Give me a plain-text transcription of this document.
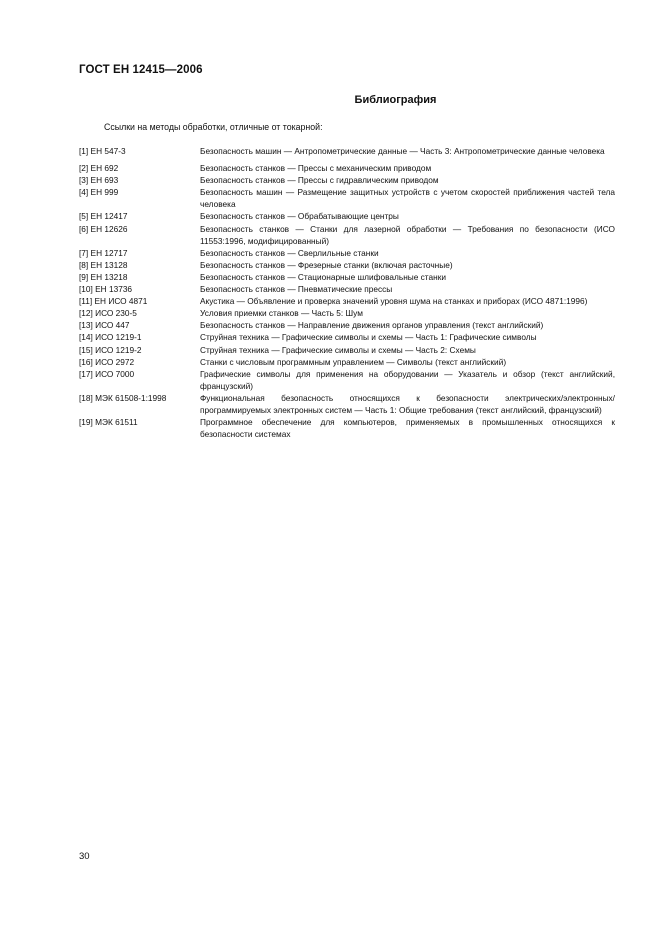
ГОСТ ЕН 12415—2006
Библиография
Ссылки на методы обработки, отличные от токарной:
[1] ЕН 547-3	Безопасность машин — Антропометрические данные — Часть 3: Антропометрические данные человека
[2] ЕН 692	Безопасность станков — Прессы с механическим приводом
[3] ЕН 693	Безопасность станков — Прессы с гидравлическим приводом
[4] ЕН 999	Безопасность машин — Размещение защитных устройств с учетом скоростей приближения частей тела человека
[5] ЕН 12417	Безопасность станков — Обрабатывающие центры
[6] ЕН 12626	Безопасность станков — Станки для лазерной обработки — Требования по безопасности (ИСО 11553:1996, модифицированный)
[7] ЕН 12717	Безопасность станков — Сверлильные станки
[8] ЕН 13128	Безопасность станков — Фрезерные станки (включая расточные)
[9] ЕН 13218	Безопасность станков — Стационарные шлифовальные станки
[10] ЕН 13736	Безопасность станков — Пневматические прессы
[11] ЕН ИСО 4871	Акустика — Объявление и проверка значений уровня шума на станках и приборах (ИСО 4871:1996)
[12] ИСО 230-5	Условия приемки станков — Часть 5: Шум
[13] ИСО 447	Безопасность станков — Направление движения органов управления (текст английский)
[14] ИСО 1219-1	Струйная техника — Графические символы и схемы — Часть 1: Графические символы
[15] ИСО 1219-2	Струйная техника — Графические символы и схемы — Часть 2: Схемы
[16] ИСО 2972	Станки с числовым программным управлением — Символы (текст английский)
[17] ИСО 7000	Графические символы для применения на оборудовании — Указатель и обзор (текст английский, французский)
[18] МЭК 61508-1:1998	Функциональная безопасность относящихся к безопасности электрических/электронных/программируемых электронных систем — Часть 1: Общие требования (текст английский, французский)
[19] МЭК 61511	Программное обеспечение для компьютеров, применяемых в промышленных относящихся к безопасности системах
30
